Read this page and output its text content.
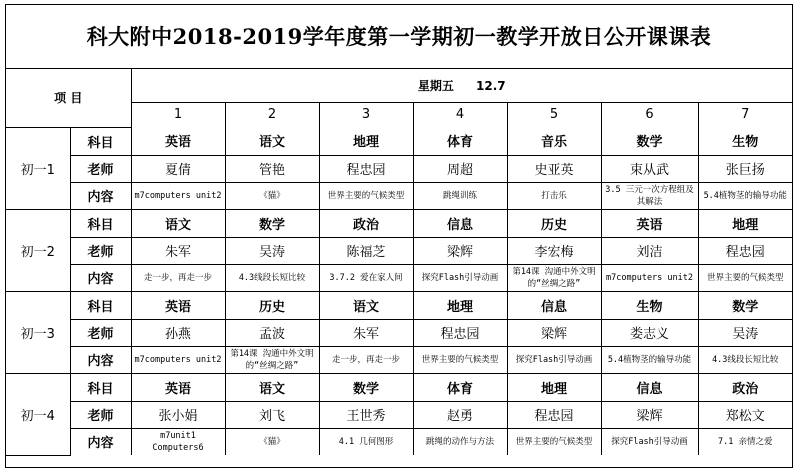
科大附中2018-2019学年度第一学期初一教学开放日公开课课表
项 目		星期五 12.7						
		1	2	3	4	5	6	7
初一1	科目	英语	语文	地理	体育	音乐	数学	生物
	老师	夏倩	管艳	程忠园	周超	史亚英	束从武	张巨扬
	内容	m7computers unit2	《猫》	世界主要的气候类型	跳绳训练	打击乐	3.5 三元一次方程组及其解法	5.4植物茎的输导功能
初一2	科目	语文	数学	政治	信息	历史	英语	地理
	老师	朱军	吴涛	陈福芝	梁辉	李宏梅	刘洁	程忠园
	内容	走一步，再走一步	4.3线段长短比较	3.7.2 爱在家人间	探究Flash引导动画	第14课 沟通中外文明的“丝绸之路”	m7computers unit2	世界主要的气候类型
初一3	科目	英语	历史	语文	地理	信息	生物	数学
	老师	孙燕	孟波	朱军	程忠园	梁辉	娄志义	吴涛
	内容	m7computers unit2	第14课 沟通中外文明的“丝绸之路”	走一步，再走一步	世界主要的气候类型	探究Flash引导动画	5.4植物茎的输导功能	4.3线段长短比较
初一4	科目	英语	语文	数学	体育	地理	信息	政治
	老师	张小娟	刘飞	王世秀	赵勇	程忠园	梁辉	郑松文
	内容	m7unit1 Computers6	《猫》	4.1 几何图形	跳绳的动作与方法	世界主要的气候类型	探究Flash引导动画	7.1 亲情之爱
